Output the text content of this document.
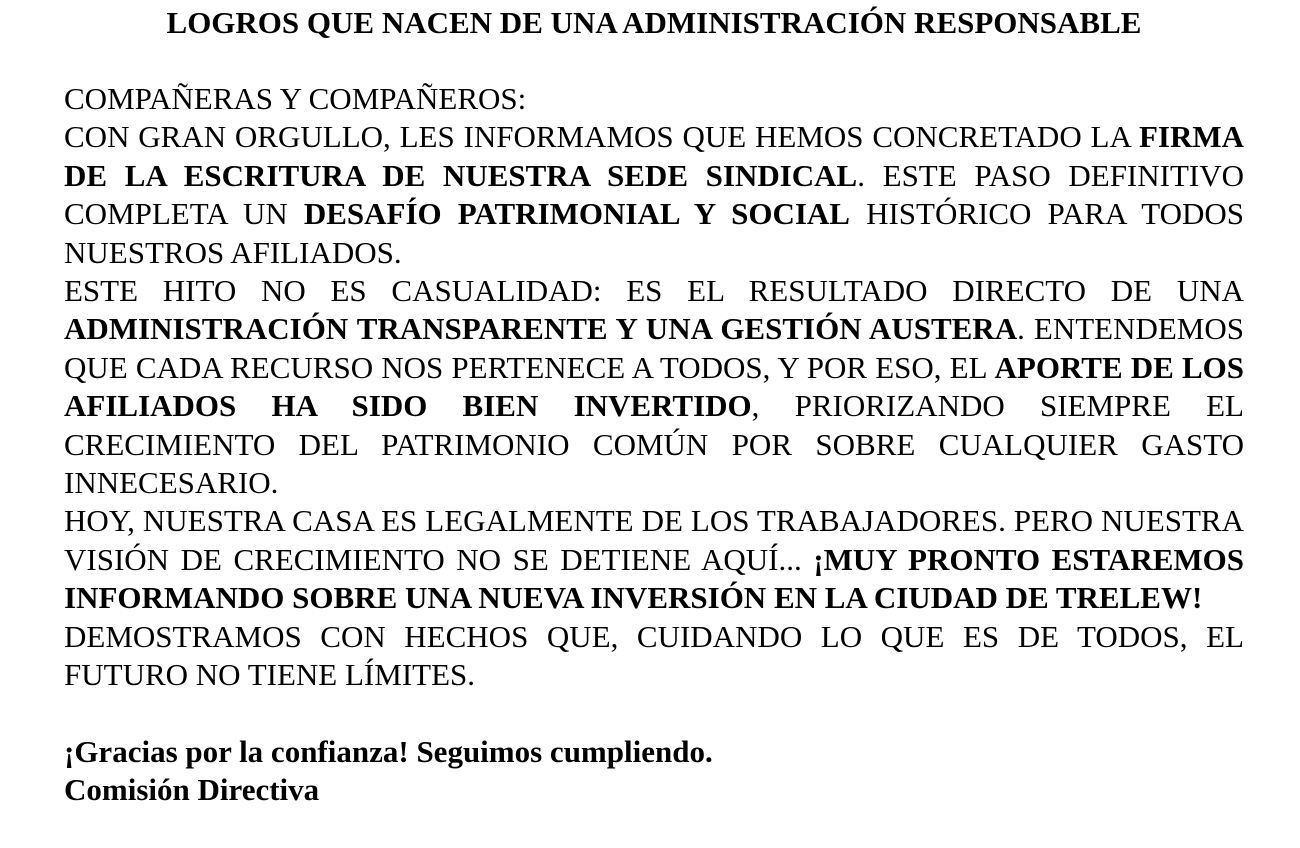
LOGROS QUE NACEN DE UNA ADMINISTRACIÓN RESPONSABLE

COMPAÑERAS Y COMPAÑEROS:

CON GRAN ORGULLO, LES INFORMAMOS QUE HEMOS CONCRETADO LA FIRMA DE LA ESCRITURA DE NUESTRA SEDE SINDICAL. ESTE PASO DEFINITIVO COMPLETA UN DESAFÍO PATRIMONIAL Y SOCIAL HISTÓRICO PARA TODOS NUESTROS AFILIADOS.

ESTE HITO NO ES CASUALIDAD: ES EL RESULTADO DIRECTO DE UNA ADMINISTRACIÓN TRANSPARENTE Y UNA GESTIÓN AUSTERA. ENTENDEMOS QUE CADA RECURSO NOS PERTENECE A TODOS, Y POR ESO, EL APORTE DE LOS AFILIADOS HA SIDO BIEN INVERTIDO, PRIORIZANDO SIEMPRE EL CRECIMIENTO DEL PATRIMONIO COMÚN POR SOBRE CUALQUIER GASTO INNECESARIO.

HOY, NUESTRA CASA ES LEGALMENTE DE LOS TRABAJADORES. PERO NUESTRA VISIÓN DE CRECIMIENTO NO SE DETIENE AQUÍ... ¡MUY PRONTO ESTAREMOS INFORMANDO SOBRE UNA NUEVA INVERSIÓN EN LA CIUDAD DE TRELEW!

DEMOSTRAMOS CON HECHOS QUE, CUIDANDO LO QUE ES DE TODOS, EL FUTURO NO TIENE LÍMITES.

¡Gracias por la confianza! Seguimos cumpliendo.
Comisión Directiva
